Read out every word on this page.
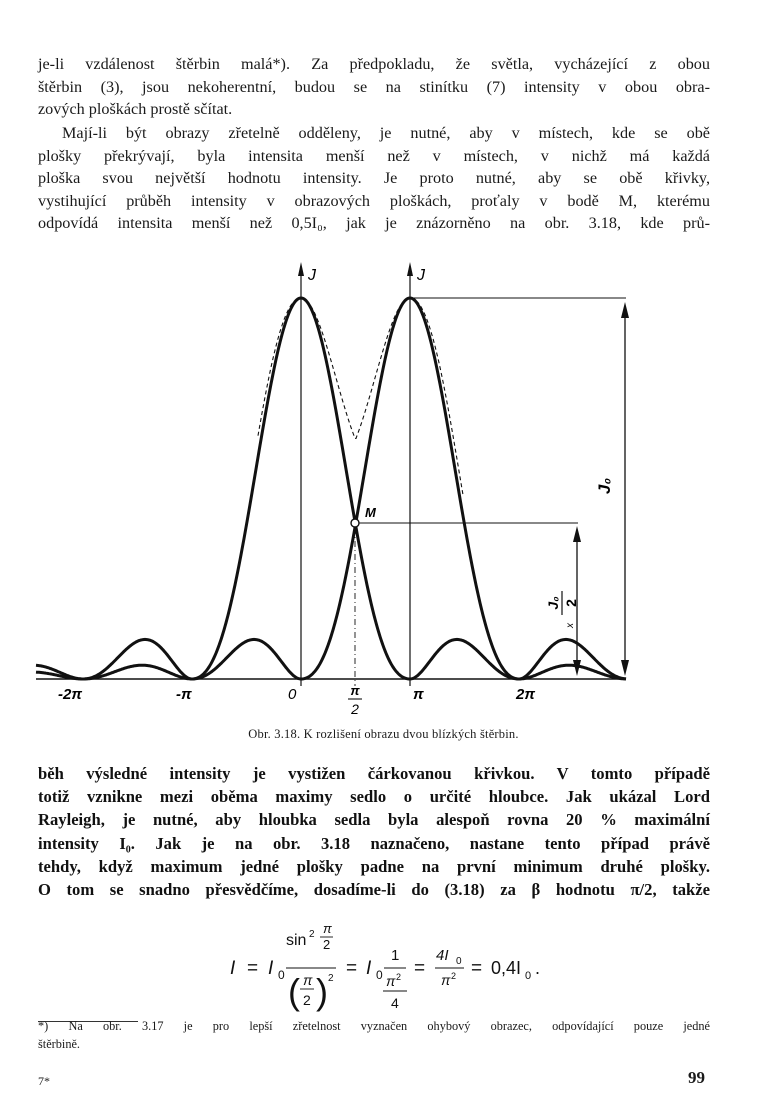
je-li vzdálenost štěrbin malá*). Za předpokladu, že světla, vycházející z obou
štěrbin (3), jsou nekoherentní, budou se na stinítku (7) intensity v obou obra-
zových ploškách prostě sčítat.

Mají-li být obrazy zřetelně odděleny, je nutné, aby v místech, kde se obě
plošky překrývají, byla intensita menší než v místech, v nichž má každá
ploška svou největší hodnotu intensity. Je proto nutné, aby se obě křivky,
vystihující průběh intensity v obrazových ploškách, proťaly v bodě M, kterému
odpovídá intensita menší než 0,5I₀, jak je znázorněno na obr. 3.18, kde prů-

J	J
J₀
J₀ 2
x
M
-2π	-π	0	π	2π
π
2
Obr. 3.18. K rozlišení obrazu dvou blízkých štěrbin.

běh výsledné intensity je vystižen čárkovanou křivkou. V tomto případě
totiž vznikne mezi oběma maximy sedlo o určité hloubce. Jak ukázal Lord
Rayleigh, je nutné, aby hloubka sedla byla alespoň rovna 20 % maximální
intensity I₀. Jak je na obr. 3.18 naznačeno, nastane tento případ právě
tehdy, když maximum jedné plošky padne na první minimum druhé plošky.
O tom se snadno přesvědčíme, dosadíme-li do (3.18) za β hodnotu π/2, takže

I = I 0
sin 2 π
2
( π
2 ) 2 = I 0
1
π 2
4
=
4I 0
π 2 = 0,4I 0 .
*) Na obr. 3.17 je pro lepší zřetelnost vyznačen ohybový obrazec, odpovídající pouze jedné
štěrbině.
7*	99
